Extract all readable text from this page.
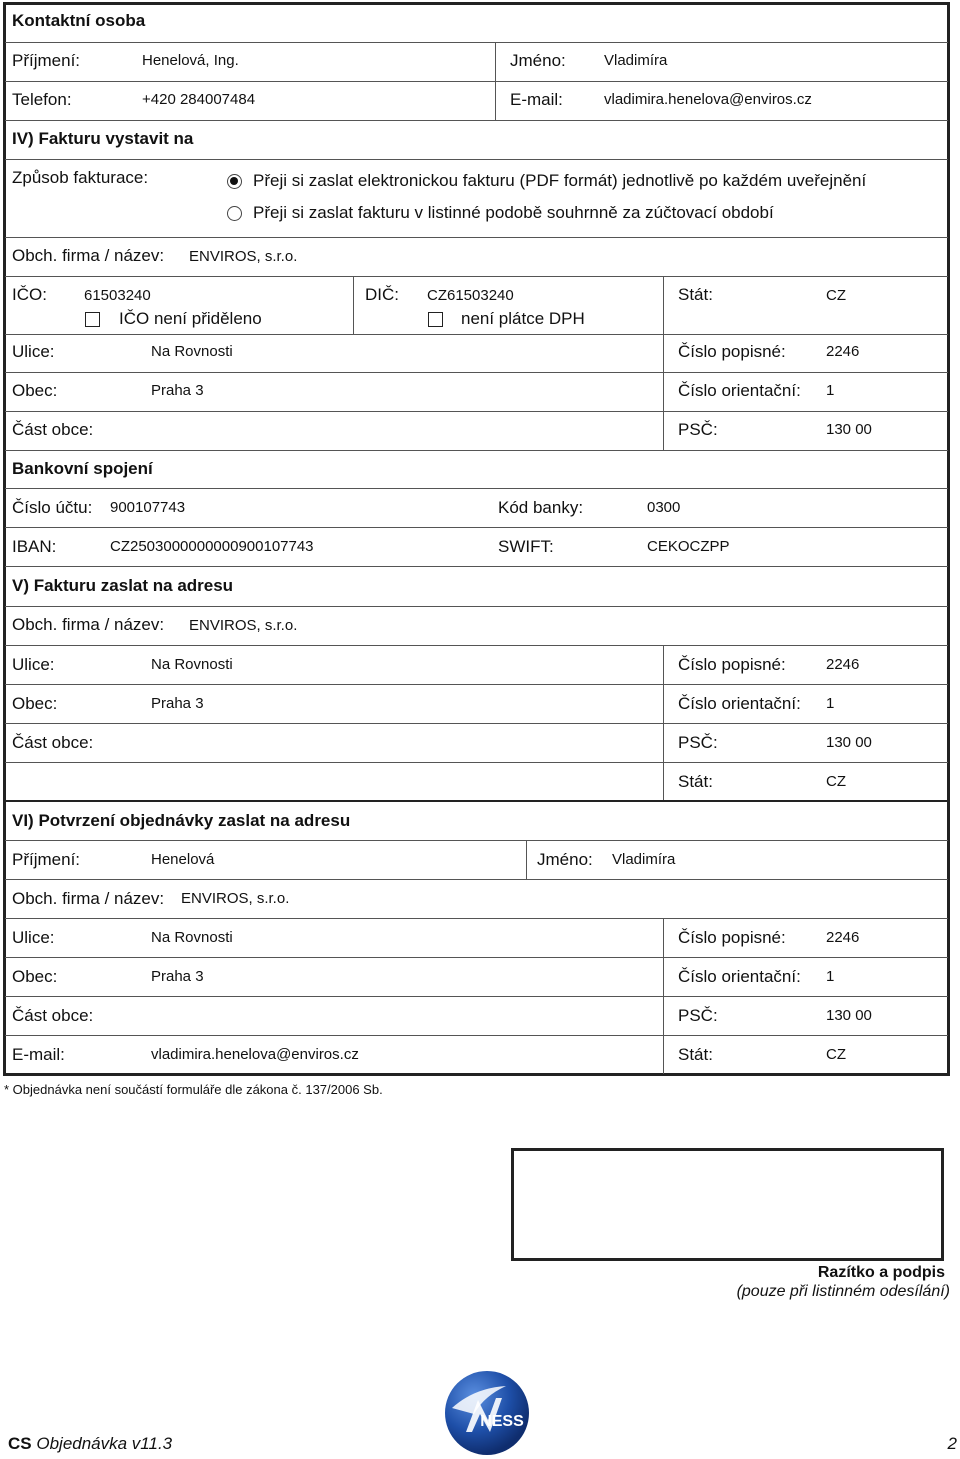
Kontaktní osoba
Příjmení:	Henelová, Ing.	Jméno:	Vladimíra
Telefon:	+420 284007484	E-mail:	vladimira.henelova@enviros.cz
IV) Fakturu vystavit na
Způsob fakturace:	Přeji si zaslat elektronickou fakturu (PDF formát) jednotlivě po každém uveřejnění
Přeji si zaslat fakturu v listinné podobě souhrnně za zúčtovací období
Obch. firma / název: ENVIROS, s.r.o.
IČO: 61503240
IČO není přiděleno
DIČ: CZ61503240
není plátce DPH
Stát:	CZ
Ulice:	Na Rovnosti	Číslo popisné:	2246
Obec:	Praha 3	Číslo orientační: 1
Část obce:	PSČ:	130 00
Bankovní spojení
Číslo účtu: 900107743	Kód banky:	0300
IBAN:	CZ2503000000000900107743	SWIFT:	CEKOCZPP
V) Fakturu zaslat na adresu
Obch. firma / název: ENVIROS, s.r.o.
Ulice:	Na Rovnosti	Číslo popisné:	2246
Obec:	Praha 3	Číslo orientační: 1
Část obce:	PSČ:	130 00
Stát:	CZ
VI) Potvrzení objednávky zaslat na adresu
Příjmení:	Henelová	Jméno: Vladimíra
Obch. firma / název: ENVIROS, s.r.o.
Ulice:	Na Rovnosti	Číslo popisné:	2246
Obec:	Praha 3	Číslo orientační: 1
Část obce:	PSČ:	130 00
E-mail:	vladimira.henelova@enviros.cz	Stát:	CZ
* Objednávka není součástí formuláře dle zákona č. 137/2006 Sb.
Razítko a podpis
(pouze při listinném odesílání)
NESS
CS Objednávka v11.3	2
